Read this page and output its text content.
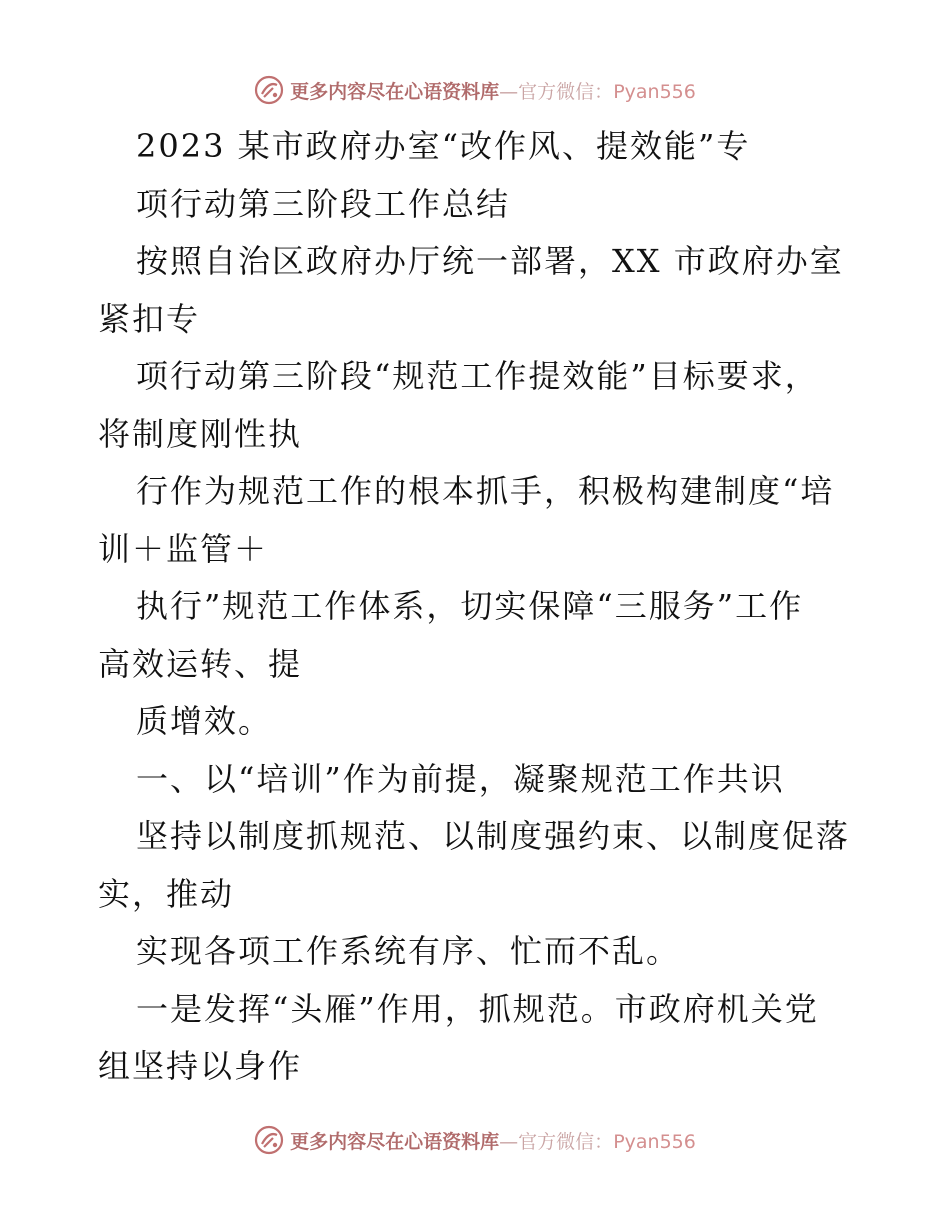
更多内容尽在心语资料库—官方微信：Pyan556
2023 某市政府办室“改作风、提效能”专
项行动第三阶段工作总结
按照自治区政府办厅统一部署，XX 市政府办室
紧扣专
项行动第三阶段“规范工作提效能”目标要求，
将制度刚性执
行作为规范工作的根本抓手，积极构建制度“培
训＋监管＋
执行”规范工作体系，切实保障“三服务”工作
高效运转、提
质增效。
一、以“培训”作为前提，凝聚规范工作共识
坚持以制度抓规范、以制度强约束、以制度促落
实，推动
实现各项工作系统有序、忙而不乱。
一是发挥“头雁”作用，抓规范。市政府机关党
组坚持以身作
更多内容尽在心语资料库—官方微信：Pyan556
